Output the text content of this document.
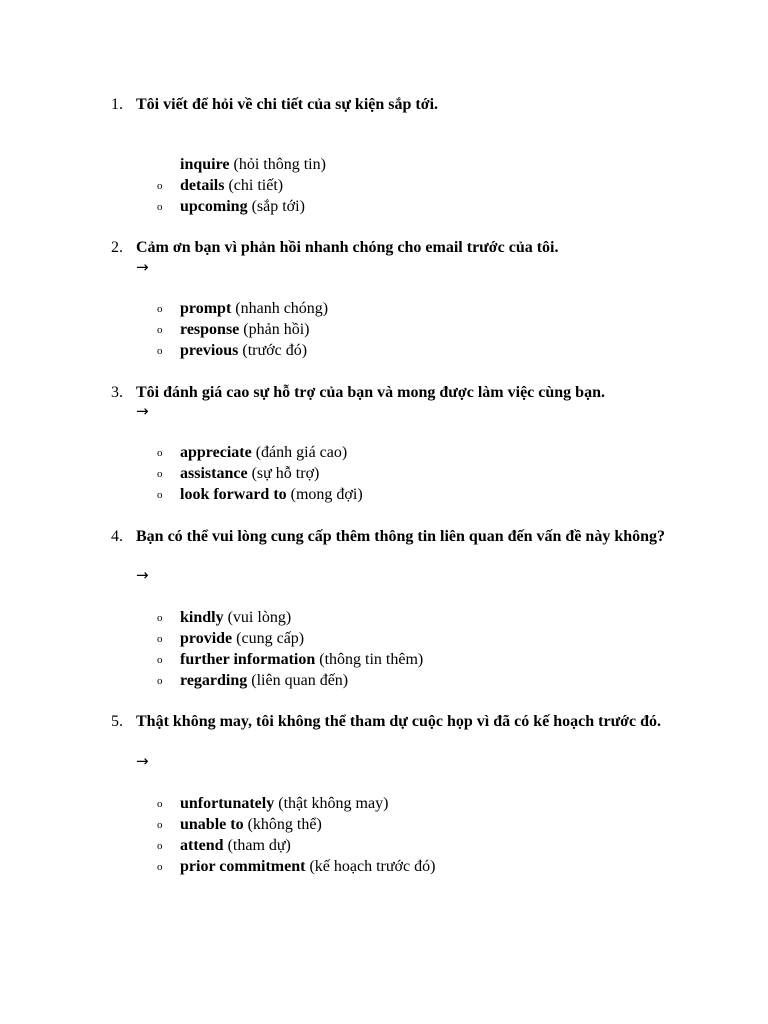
1. Tôi viết để hỏi về chi tiết của sự kiện sắp tới.
inquire (hỏi thông tin)
o details (chi tiết)
o upcoming (sắp tới)
2. Cảm ơn bạn vì phản hồi nhanh chóng cho email trước của tôi.
→
o prompt (nhanh chóng)
o response (phản hồi)
o previous (trước đó)
3. Tôi đánh giá cao sự hỗ trợ của bạn và mong được làm việc cùng bạn.
→
o appreciate (đánh giá cao)
o assistance (sự hỗ trợ)
o look forward to (mong đợi)
4. Bạn có thể vui lòng cung cấp thêm thông tin liên quan đến vấn đề này không?
→
o kindly (vui lòng)
o provide (cung cấp)
o further information (thông tin thêm)
o regarding (liên quan đến)
5. Thật không may, tôi không thể tham dự cuộc họp vì đã có kế hoạch trước đó.
→
o unfortunately (thật không may)
o unable to (không thể)
o attend (tham dự)
o prior commitment (kế hoạch trước đó)
